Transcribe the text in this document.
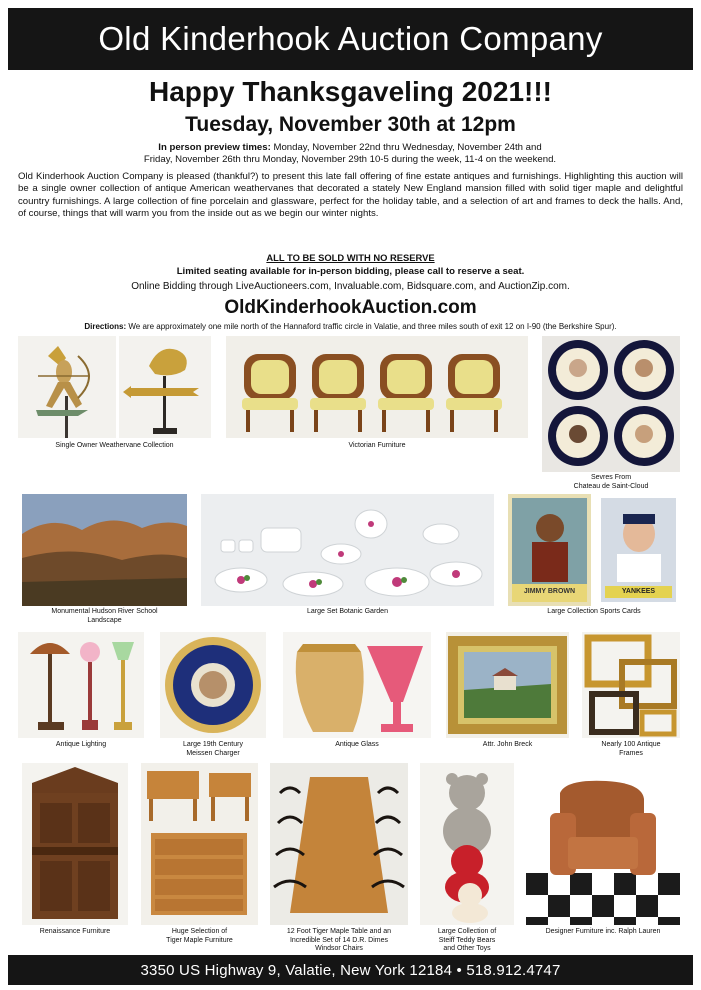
Old Kinderhook Auction Company
Happy Thanksgaveling 2021!!!
Tuesday, November 30th at 12pm
In person preview times: Monday, November 22nd thru Wednesday, November 24th and
Friday, November 26th thru Monday, November 29th 10-5 during the week, 11-4 on the weekend.
Old Kinderhook Auction Company is pleased (thankful?) to present this late fall offering of fine estate antiques and furnishings. Highlighting this auction will be a single owner collection of antique American weathervanes that decorated a stately New England mansion filled with solid tiger maple and delightful country furnishings. A large collection of fine porcelain and glassware, perfect for the holiday table, and a selection of art and frames to deck the halls. And, of course, things that will warm you from the inside out as we begin our winter nights.
ALL TO BE SOLD WITH NO RESERVE
Limited seating available for in-person bidding, please call to reserve a seat.
Online Bidding through LiveAuctioneers.com, Invaluable.com, Bidsquare.com, and AuctionZip.com.
OldKinderhookAuction.com
Directions: We are approximately one mile north of the Hannaford traffic circle in Valatie, and three miles south of exit 12 on I-90 (the Berkshire Spur).
Single Owner Weathervane Collection	Victorian Furniture
Sevres From
Chateau de Saint-Cloud
Monumental Hudson River School
Landscape
Large Set Botanic Garden
JIMMY BROWN	YANKEES
Large Collection Sports Cards
Antique Lighting	Large 19th Century
Meissen Charger
Antique Glass	Attr. John Breck	Nearly 100 Antique
Frames
Renaissance Furniture	Huge Selection of
Tiger Maple Furniture
12 Foot Tiger Maple Table and an
Incredible Set of 14 D.R. Dimes
Windsor Chairs
Large Collection of
Steiff Teddy Bears
and Other Toys
Designer Furniture inc. Ralph Lauren
3350 US Highway 9, Valatie, New York 12184 • 518.912.4747
